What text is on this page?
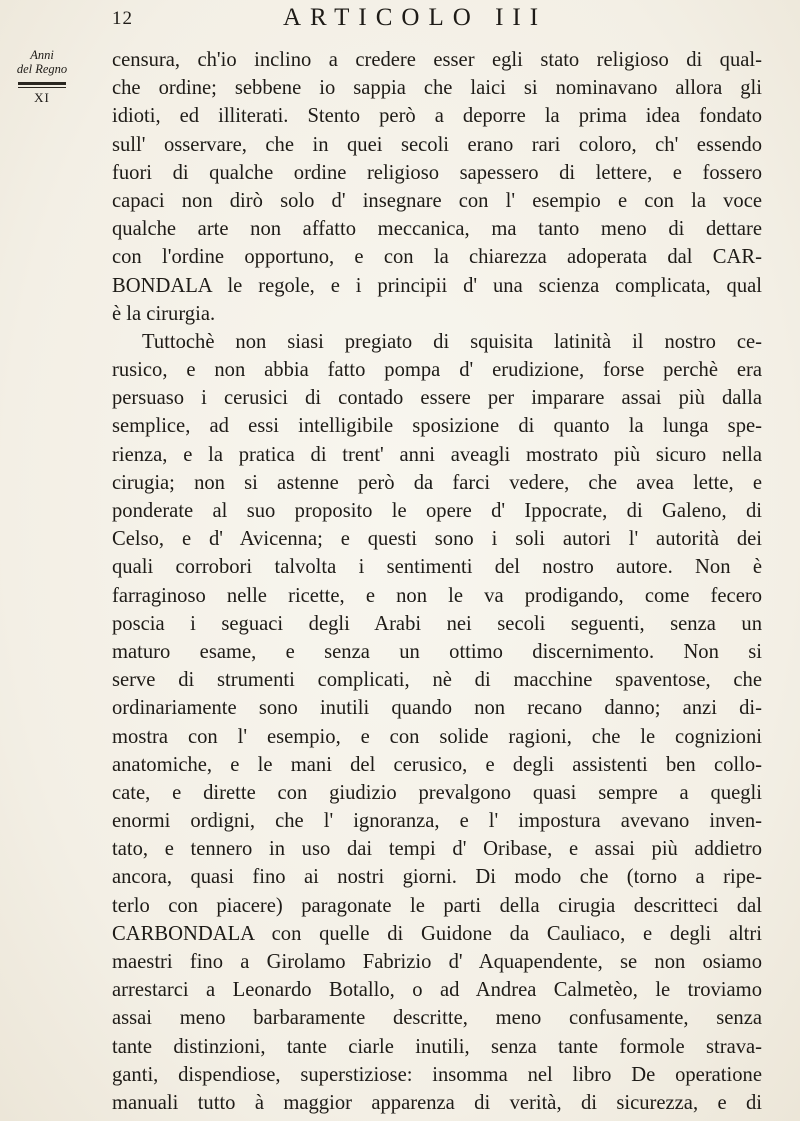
12	ARTICOLO III
Anni
del Regno
XI
censura, ch'io inclino a credere esser egli stato religioso di qual-
che ordine; sebbene io sappia che laici si nominavano allora gli
idioti, ed illiterati. Stento però a deporre la prima idea fondato
sull' osservare, che in quei secoli erano rari coloro, ch' essendo
fuori di qualche ordine religioso sapessero di lettere, e fossero
capaci non dirò solo d' insegnare con l' esempio e con la voce
qualche arte non affatto meccanica, ma tanto meno di dettare
con l'ordine opportuno, e con la chiarezza adoperata dal CAR-
BONDALA le regole, e i principii d' una scienza complicata, qual
è la cirurgia.
Tuttochè non siasi pregiato di squisita latinità il nostro ce-
rusico, e non abbia fatto pompa d' erudizione, forse perchè era
persuaso i cerusici di contado essere per imparare assai più dalla
semplice, ad essi intelligibile sposizione di quanto la lunga spe-
rienza, e la pratica di trent' anni aveagli mostrato più sicuro nella
cirugia; non si astenne però da farci vedere, che avea lette, e
ponderate al suo proposito le opere d' Ippocrate, di Galeno, di
Celso, e d' Avicenna; e questi sono i soli autori l' autorità dei
quali corrobori talvolta i sentimenti del nostro autore. Non è
farraginoso nelle ricette, e non le va prodigando, come fecero
poscia i seguaci degli Arabi nei secoli seguenti, senza un
maturo esame, e senza un ottimo discernimento. Non si
serve di strumenti complicati, nè di macchine spaventose, che
ordinariamente sono inutili quando non recano danno; anzi di-
mostra con l' esempio, e con solide ragioni, che le cognizioni
anatomiche, e le mani del cerusico, e degli assistenti ben collo-
cate, e dirette con giudizio prevalgono quasi sempre a quegli
enormi ordigni, che l' ignoranza, e l' impostura avevano inven-
tato, e tennero in uso dai tempi d' Oribase, e assai più addietro
ancora, quasi fino ai nostri giorni. Di modo che (torno a ripe-
terlo con piacere) paragonate le parti della cirugia descritteci dal
CARBONDALA con quelle di Guidone da Cauliaco, e degli altri
maestri fino a Girolamo Fabrizio d' Aquapendente, se non osiamo
arrestarci a Leonardo Botallo, o ad Andrea Calmetèo, le troviamo
assai meno barbaramente descritte, meno confusamente, senza
tante distinzioni, tante ciarle inutili, senza tante formole strava-
ganti, dispendiose, superstiziose: insomma nel libro De operatione
manuali tutto à maggior apparenza di verità, di sicurezza, e di
